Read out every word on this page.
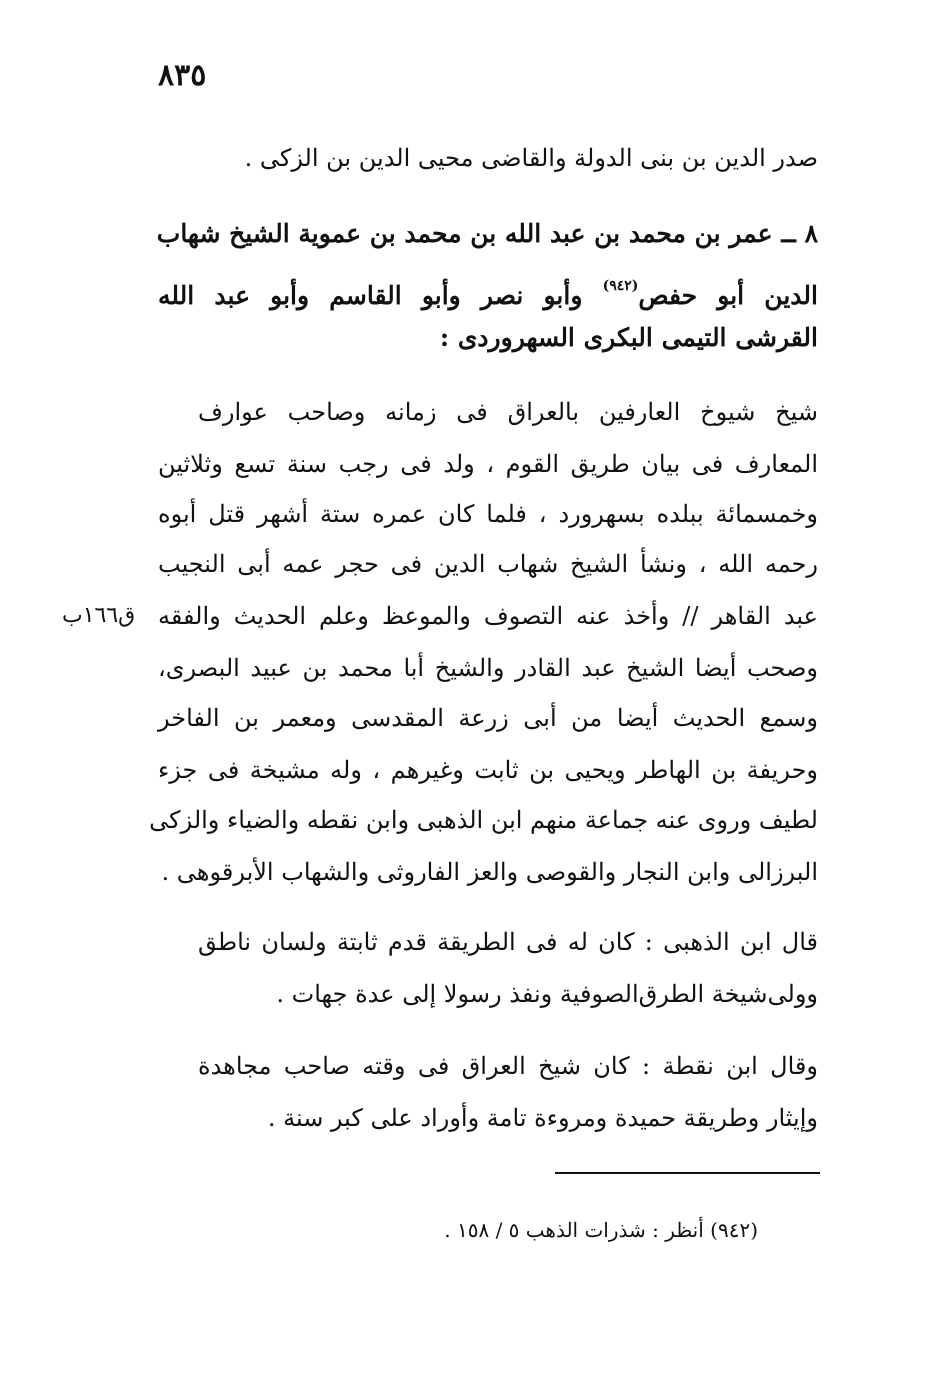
٨٣٥
صدر الدين بن بنى الدولة والقاضى محيى الدين بن الزكى .
٨ ــ عمر بن محمد بن عبد الله بن محمد بن عموية الشيخ شهاب
الدين أبو حفص$^{(٩٤٢)}$ وأبو نصر وأبو القاسم وأبو عبد الله
القرشى التيمى البكرى السهروردى :
شيخ شيوخ العارفين بالعراق فى زمانه وصاحب عوارف
المعارف فى بيان طريق القوم ، ولد فى رجب سنة تسع وثلاثين
وخمسمائة ببلده بسهرورد ، فلما كان عمره ستة أشهر قتل أبوه
رحمه الله ، ونشأ الشيخ شهاب الدين فى حجر عمه أبى النجيب
عبد القاهر // وأخذ عنه التصوف والموعظ وعلم الحديث والفقه
وصحب أيضا الشيخ عبد القادر والشيخ أبا محمد بن عبيد البصرى،
وسمع الحديث أيضا من أبى زرعة المقدسى ومعمر بن الفاخر
وحريفة بن الهاطر ويحيى بن ثابت وغيرهم ، وله مشيخة فى جزء
لطيف وروى عنه جماعة منهم ابن الذهبى وابن نقطه والضياء والزكى
البرزالى وابن النجار والقوصى والعز الفاروثى والشهاب الأبرقوهى .
ق١٦٦ب
قال ابن الذهبى : كان له فى الطريقة قدم ثابتة ولسان ناطق
وولى‌شيخة الطرق‌الصوفية ونفذ رسولا إلى عدة جهات .
وقال ابن نقطة : كان شيخ العراق فى وقته صاحب مجاهدة
وإيثار وطريقة حميدة ومروءة تامة وأوراد على كبر سنة .
(٩٤٢) أنظر : شذرات الذهب ٥ / ١٥٨ .
